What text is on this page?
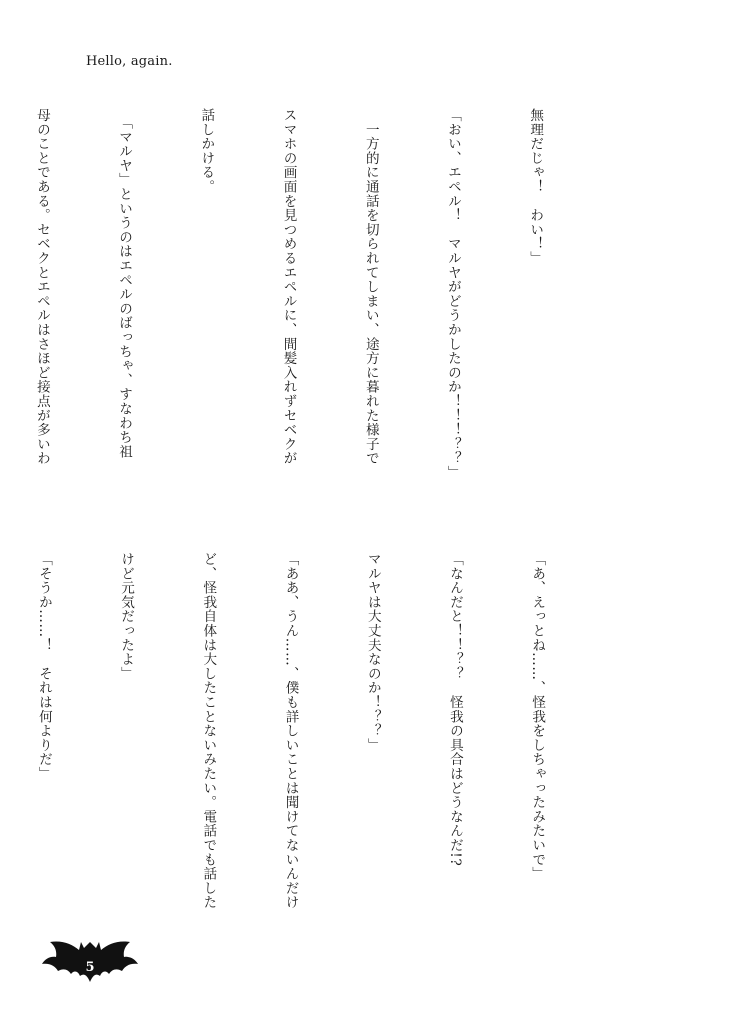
Hello, again.

無理だじゃ！　わい！」

「おい、エペル！　マルヤがどうかしたのか！！！？？」

　一方的に通話を切られてしまい、途方に暮れた様子で

スマホの画面を見つめるエペルに、間髪入れずセベクが

話しかける。

　「マルヤ」というのはエペルのばっちゃ、すなわち祖

母のことである。セベクとエペルはさほど接点が多いわ

「あ、えっとね……、怪我をしちゃったみたいで」

「なんだと！！？？　怪我の具合はどうなんだ!?

マルヤは大丈夫なのか！？？」

「ああ、うん……、僕も詳しいことは聞けてないんだけ

ど、怪我自体は大したことないみたい。電話でも話した

けど元気だったよ」

「そうか……！　それは何よりだ」

5
